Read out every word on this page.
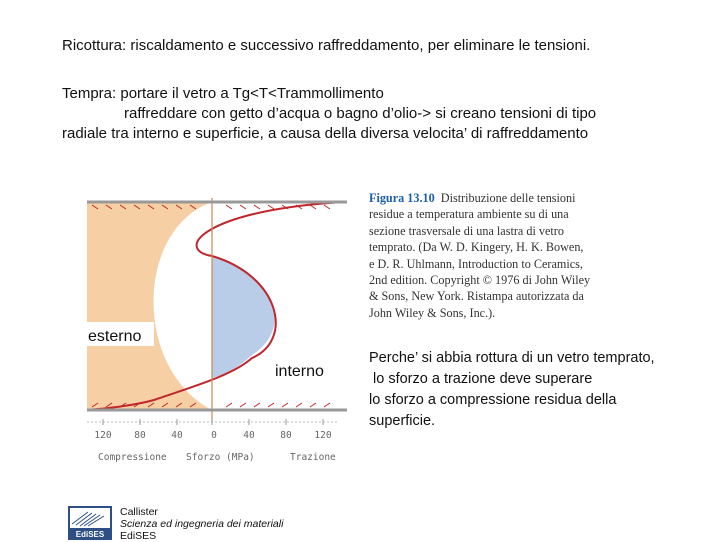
Ricottura: riscaldamento e successivo raffreddamento, per eliminare le tensioni.
Tempra: portare il vetro a Tg<T<Trammollimento
raffreddare con getto d’acqua o bagno d’olio-> si creano tensioni di tipo
radiale tra interno e superficie, a causa della diversa velocita’ di raffreddamento
120 80	40	0	40	80 120
Compressione Sforzo (MPa)	Trazione
esterno
interno
Figura 13.10 Distribuzione delle tensioni
residue a temperatura ambiente su di una
sezione trasversale di una lastra di vetro
temprato. (Da W. D. Kingery, H. K. Bowen,
e D. R. Uhlmann, Introduction to Ceramics,
2nd edition. Copyright © 1976 di John Wiley
& Sons, New York. Ristampa autorizzata da
John Wiley & Sons, Inc.).
Perche’ si abbia rottura di un vetro temprato,
lo sforzo a trazione deve superare
lo sforzo a compressione residua della
superficie.
EdiSES
Callister
Scienza ed ingegneria dei materiali
EdiSES
